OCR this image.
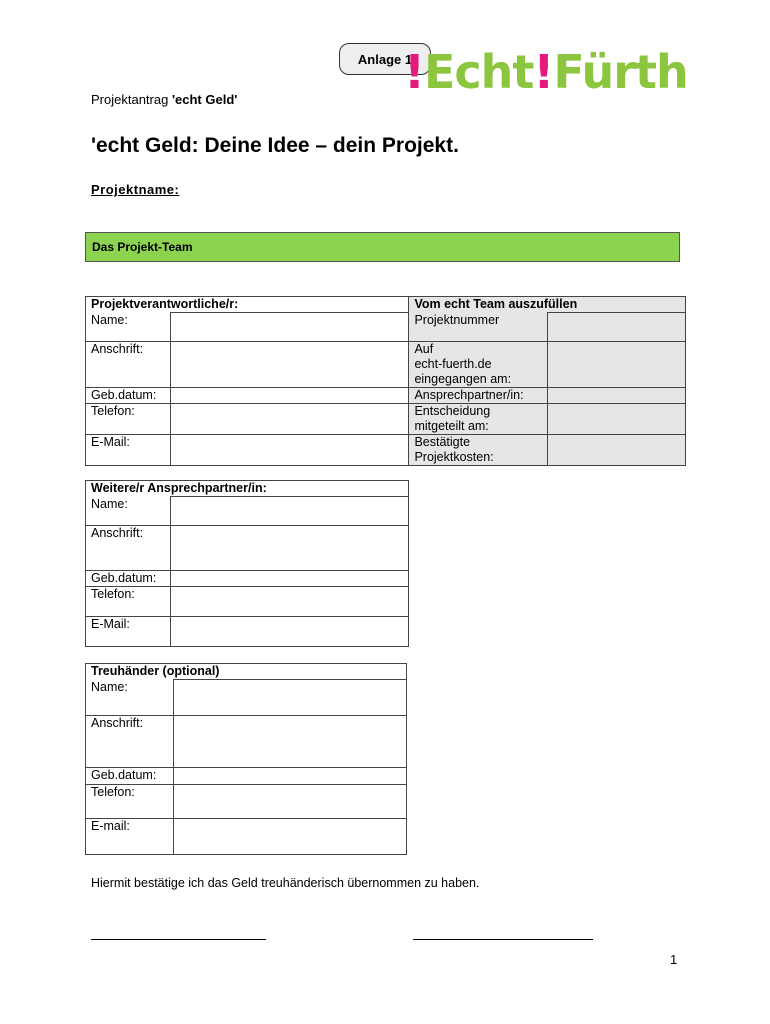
Anlage 1
!Echt!Fürth
Projektantrag 'echt Geld'
'echt Geld: Deine Idee – dein Projekt.
Projektname:
Das Projekt-Team
Projektverantwortliche/r:		Vom echt Team auszufüllen	
Name:		Projektnummer	
Anschrift:		Auf
echt-fuerth.de
eingegangen am:	
Geb.datum:		Ansprechpartner/in:	
Telefon:		Entscheidung
mitgeteilt am:	
E-Mail:		Bestätigte
Projektkosten:	
Weitere/r Ansprechpartner/in:	
Name:	
Anschrift:	
Geb.datum:	
Telefon:	
E-Mail:	
Treuhänder (optional)	
Name:	
Anschrift:	
Geb.datum:	
Telefon:	
E-mail:	
Hiermit bestätige ich das Geld treuhänderisch übernommen zu haben.
1
